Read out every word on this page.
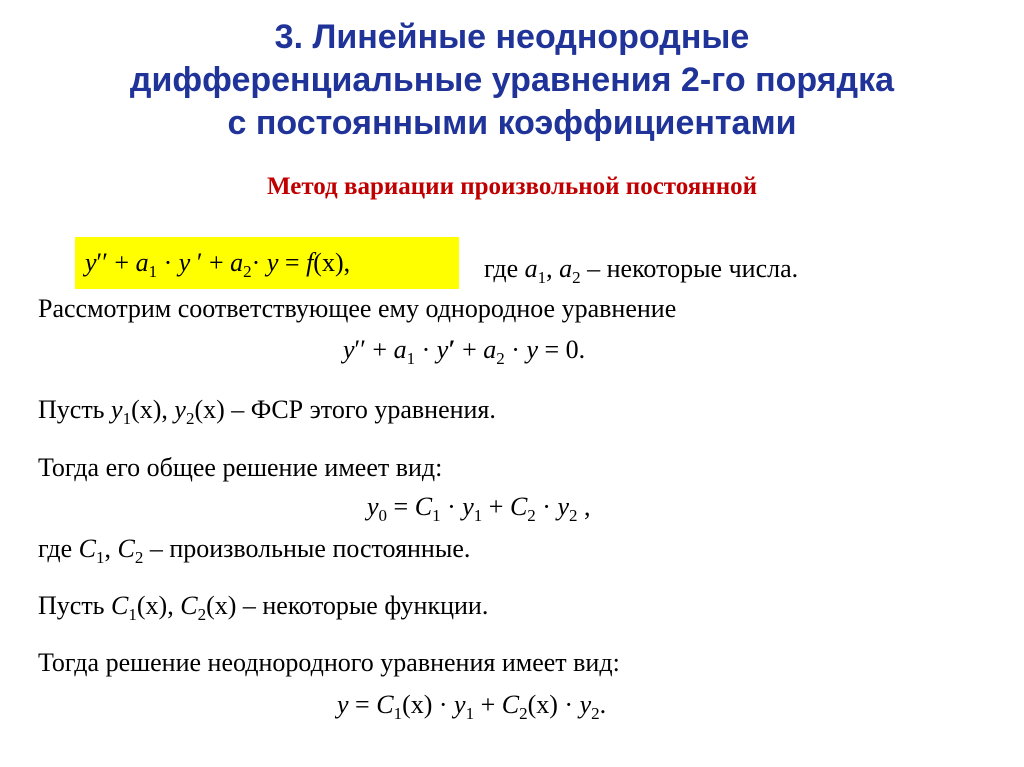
3. Линейные неоднородные
дифференциальные уравнения 2-го порядка
с постоянными коэффициентами
Метод вариации произвольной постоянной
$y'' + a_1 \cdot y$ ′ + $a_2\cdot y = f(x)$,	где $a_1$, $a_2$ – некоторые числа.
Рассмотрим соответствующее ему однородное уравнение
$y'' + a_1 \cdot y' + a_2 \cdot y = 0$.
Пусть $y_1(x)$, $y_2(x)$ – ФСР этого уравнения.
Тогда его общее решение имеет вид:
$y_0 = C_1 \cdot y_1 + C_2 \cdot y_2$ ,
где $C_1$, $C_2$ – произвольные постоянные.
Пусть $C_1(x)$, $C_2(x)$ – некоторые функции.
Тогда решение неоднородного уравнения имеет вид:
$y = C_1(x) \cdot y_1 + C_2(x) \cdot y_2$.
